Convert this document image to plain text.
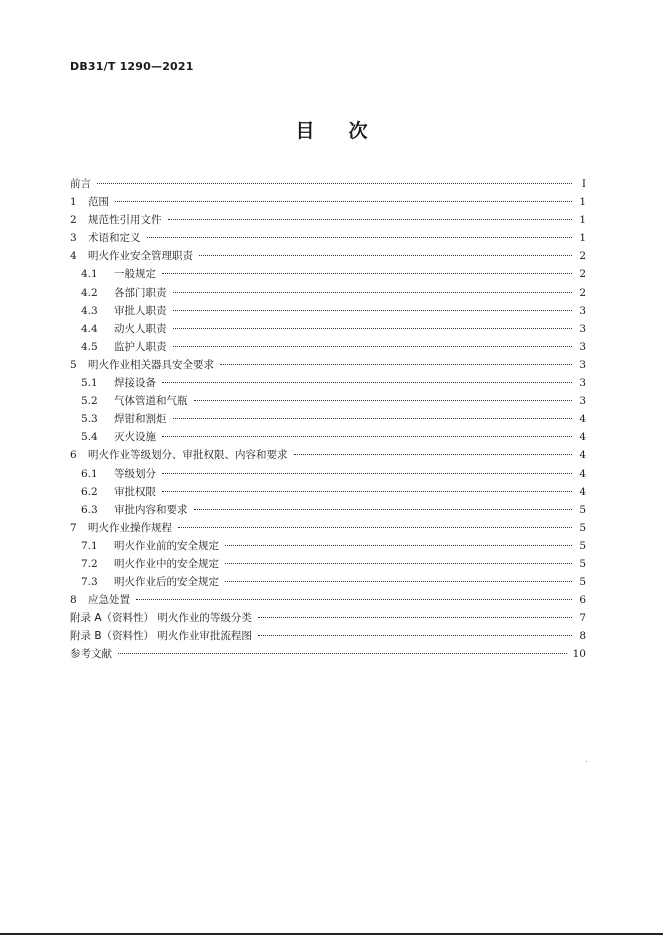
DB31/T 1290—2021
目次
前言	I
1	范围	1
2	规范性引用文件	1
3	术语和定义	1
4	明火作业安全管理职责	2
4.1	一般规定	2
4.2	各部门职责	2
4.3	审批人职责	3
4.4	动火人职责	3
4.5	监护人职责	3
5	明火作业相关器具安全要求	3
5.1	焊接设备	3
5.2	气体管道和气瓶	3
5.3	焊钳和割炬	4
5.4	灭火设施	4
6	明火作业等级划分、审批权限、内容和要求	4
6.1	等级划分	4
6.2	审批权限	4
6.3	审批内容和要求	5
7	明火作业操作规程	5
7.1	明火作业前的安全规定	5
7.2	明火作业中的安全规定	5
7.3	明火作业后的安全规定	5
8	应急处置	6
附录 A（资料性） 明火作业的等级分类	7
附录 B（资料性） 明火作业审批流程图	8
参考文献	10
